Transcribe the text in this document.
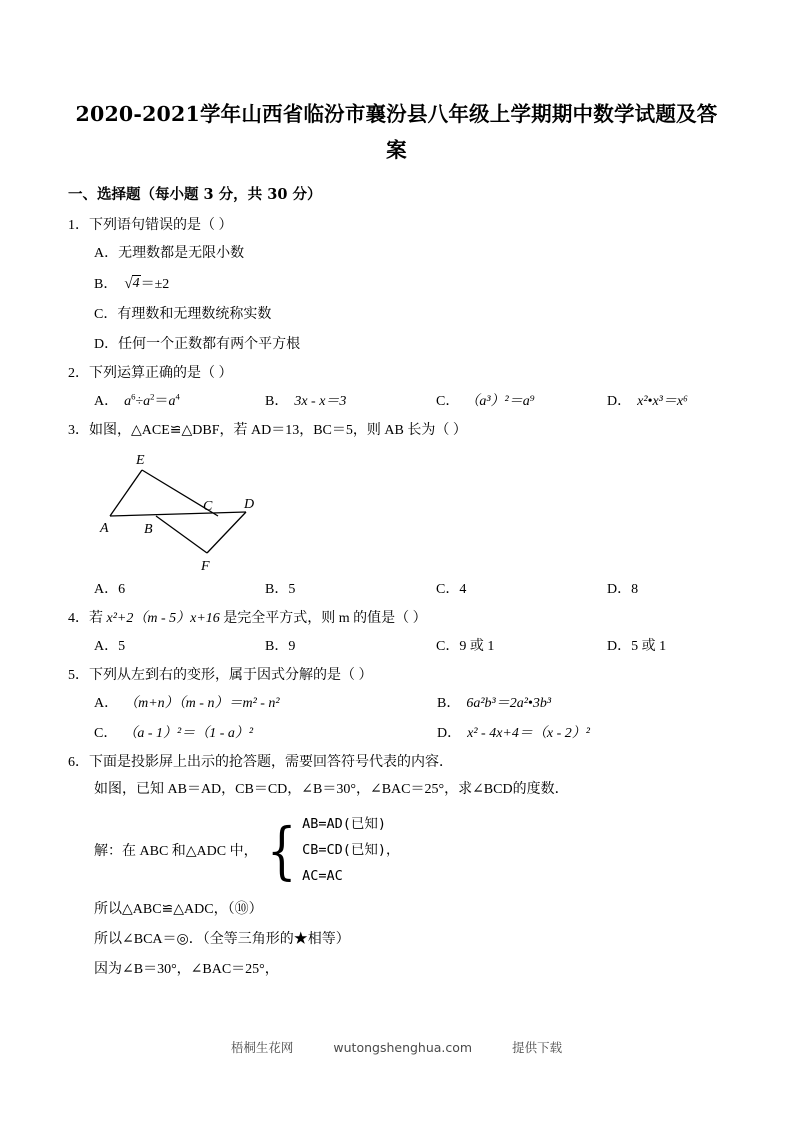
2020-2021学年山西省临汾市襄汾县八年级上学期期中数学试题及答案
一、选择题（每小题 3 分，共 30 分）
1．下列语句错误的是（ ）
A．无理数都是无限小数
B． √4＝±2
C．有理数和无理数统称实数
D．任何一个正数都有两个平方根
2．下列运算正确的是（ ）
A． $a^6\div a^2=a^4$	B． 3x - x＝3	C． （a³）²＝a⁹	D． x²•x³＝x⁶
3．如图，△ACE≌△DBF，若 AD＝13，BC＝5，则 AB 长为（ ）
E
C D
A	B
F
A．6	B．5	C．4	D．8
4．若 x²+2（m - 5）x+16 是完全平方式，则 m 的值是（ ）
A．5	B．9	C．9 或 1	D．5 或 1
5．下列从左到右的变形，属于因式分解的是（ ）
A． （m+n）（m - n）＝m² - n²	B． 6a²b³＝2a²•3b³
C． （a - 1）²＝（1 - a）²	D． x² - 4x+4＝（x - 2）²
6．下面是投影屏上出示的抢答题，需要回答符号代表的内容．
如图，已知 AB＝AD，CB＝CD，∠B＝30°，∠BAC＝25°，求∠BCD的度数．
解：在 ABC 和△ADC 中， { AB=AD(已知)
CB=CD(已知)，
AC=AC
所以△ABC≌△ADC，（⑩）
所以∠BCA＝◎．（全等三角形的★相等）
因为∠B＝30°，∠BAC＝25°，
梧桐生花网	wutongshenghua.com	提供下载
